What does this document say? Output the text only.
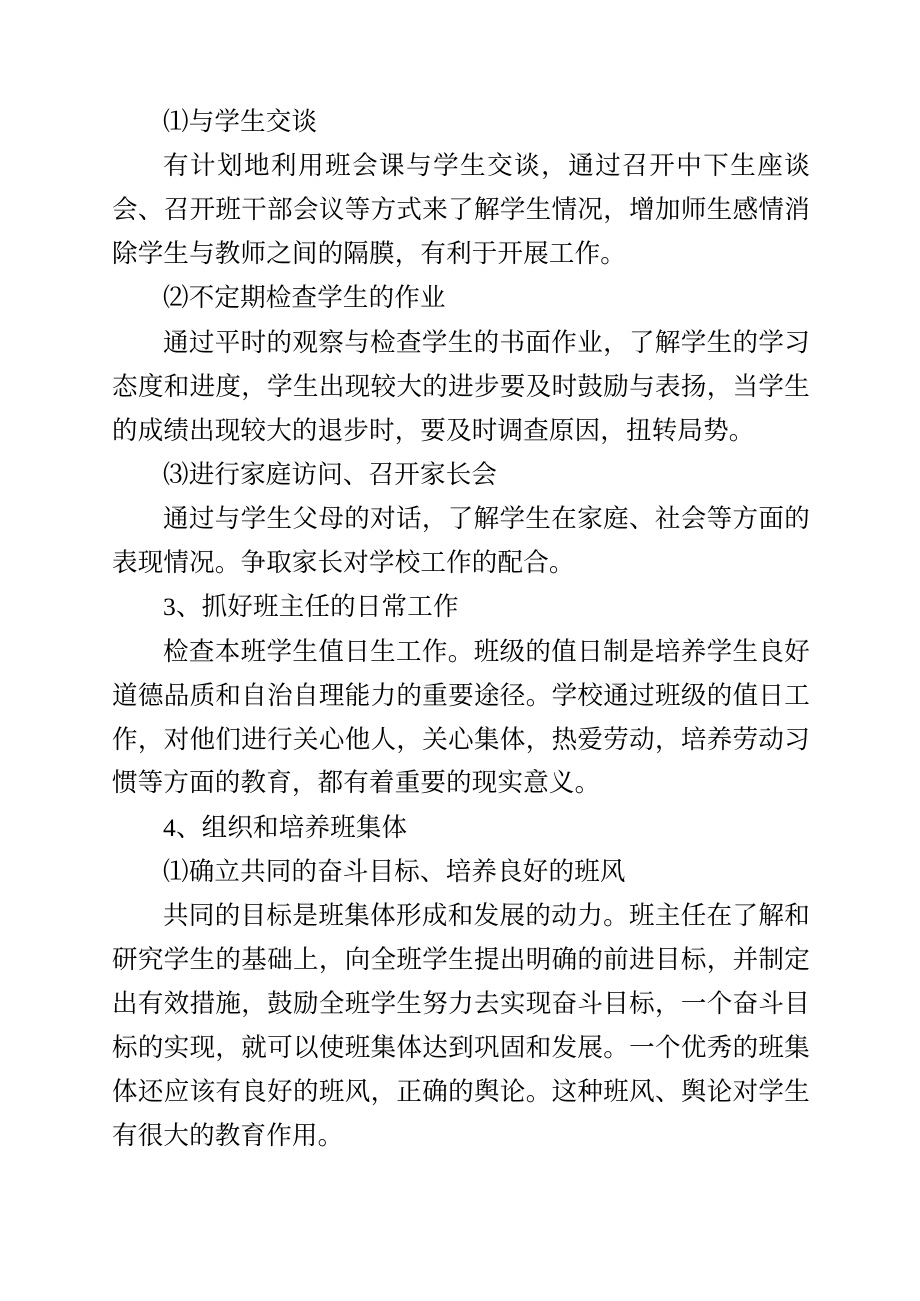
⑴与学生交谈

有计划地利用班会课与学生交谈，通过召开中下生座谈会、召开班干部会议等方式来了解学生情况，增加师生感情消除学生与教师之间的隔膜，有利于开展工作。

⑵不定期检查学生的作业

通过平时的观察与检查学生的书面作业，了解学生的学习态度和进度，学生出现较大的进步要及时鼓励与表扬，当学生的成绩出现较大的退步时，要及时调查原因，扭转局势。

⑶进行家庭访问、召开家长会

通过与学生父母的对话，了解学生在家庭、社会等方面的表现情况。争取家长对学校工作的配合。

3、抓好班主任的日常工作

检查本班学生值日生工作。班级的值日制是培养学生良好道德品质和自治自理能力的重要途径。学校通过班级的值日工作，对他们进行关心他人，关心集体，热爱劳动，培养劳动习惯等方面的教育，都有着重要的现实意义。

4、组织和培养班集体

⑴确立共同的奋斗目标、培养良好的班风

共同的目标是班集体形成和发展的动力。班主任在了解和研究学生的基础上，向全班学生提出明确的前进目标，并制定出有效措施，鼓励全班学生努力去实现奋斗目标，一个奋斗目标的实现，就可以使班集体达到巩固和发展。一个优秀的班集体还应该有良好的班风，正确的舆论。这种班风、舆论对学生有很大的教育作用。
